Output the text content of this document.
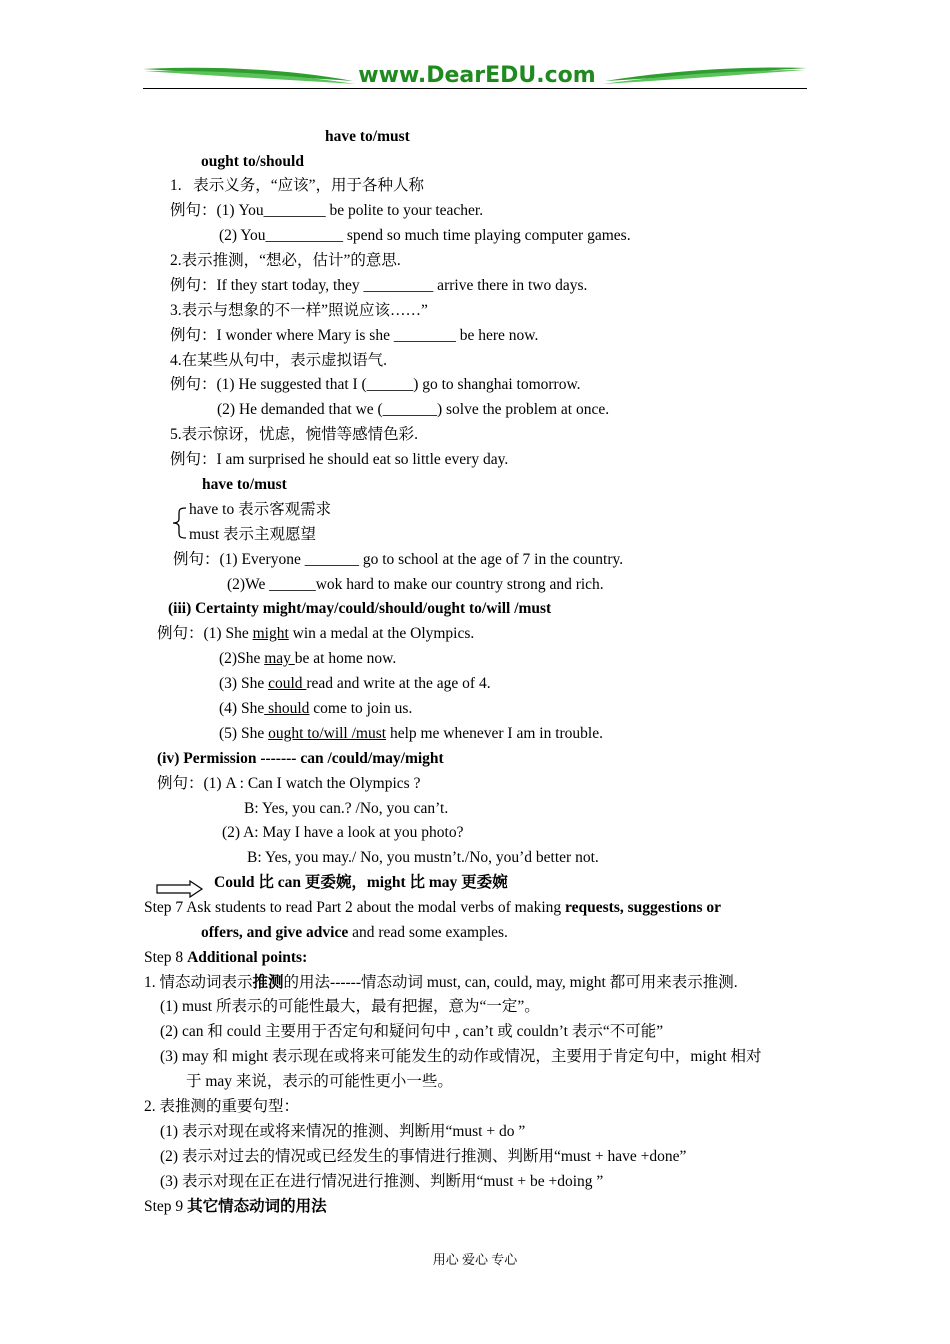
www.DearEDU.com
have to/must
ought to/should
1.   表示义务，“应该”，用于各种人称
例句：(1) You________ be polite to your teacher.
(2) You__________ spend so much time playing computer games.
2.表示推测，“想必，估计”的意思.
例句：If they start today, they _________ arrive there in two days.
3.表示与想象的不一样”照说应该……”
例句：I wonder where Mary is she ________ be here now.
4.在某些从句中，表示虚拟语气.
例句：(1) He suggested that I (______) go to shanghai tomorrow.
(2) He demanded that we (_______) solve the problem at once.
5.表示惊讶，忧虑，惋惜等感情色彩.
例句：I am surprised he should eat so little every day.
have to/must
have to 表示客观需求
must 表示主观愿望
例句：(1) Everyone _______ go to school at the age of 7 in the country.
(2)We ______wok hard to make our country strong and rich.
(iii) Certainty might/may/could/should/ought to/will /must
例句：(1) She might win a medal at the Olympics.
(2)She may be at home now.
(3) She could read and write at the age of 4.
(4) She should come to join us.
(5) She ought to/will /must help me whenever I am in trouble.
(iv) Permission ------- can /could/may/might
例句：(1) A : Can I watch the Olympics ?
B: Yes, you can.? /No, you can’t.
(2) A: May I have a look at you photo?
B: Yes, you may./ No, you mustn’t./No, you’d better not.
Could 比 can 更委婉，might 比 may 更委婉
Step 7 Ask students to read Part 2 about the modal verbs of making requests, suggestions or
offers, and give advice and read some examples.
Step 8 Additional points:
1. 情态动词表示推测的用法------情态动词 must, can, could, may, might 都可用来表示推测.
(1) must 所表示的可能性最大，最有把握，意为“一定”。
(2) can 和 could 主要用于否定句和疑问句中 , can’t 或 couldn’t 表示“不可能”
(3) may 和 might 表示现在或将来可能发生的动作或情况，主要用于肯定句中，might 相对
于 may 来说，表示的可能性更小一些。
2. 表推测的重要句型：
(1) 表示对现在或将来情况的推测、判断用“must + do ”
(2) 表示对过去的情况或已经发生的事情进行推测、判断用“must + have +done”
(3) 表示对现在正在进行情况进行推测、判断用“must + be +doing ”
Step 9 其它情态动词的用法
用心 爱心 专心
